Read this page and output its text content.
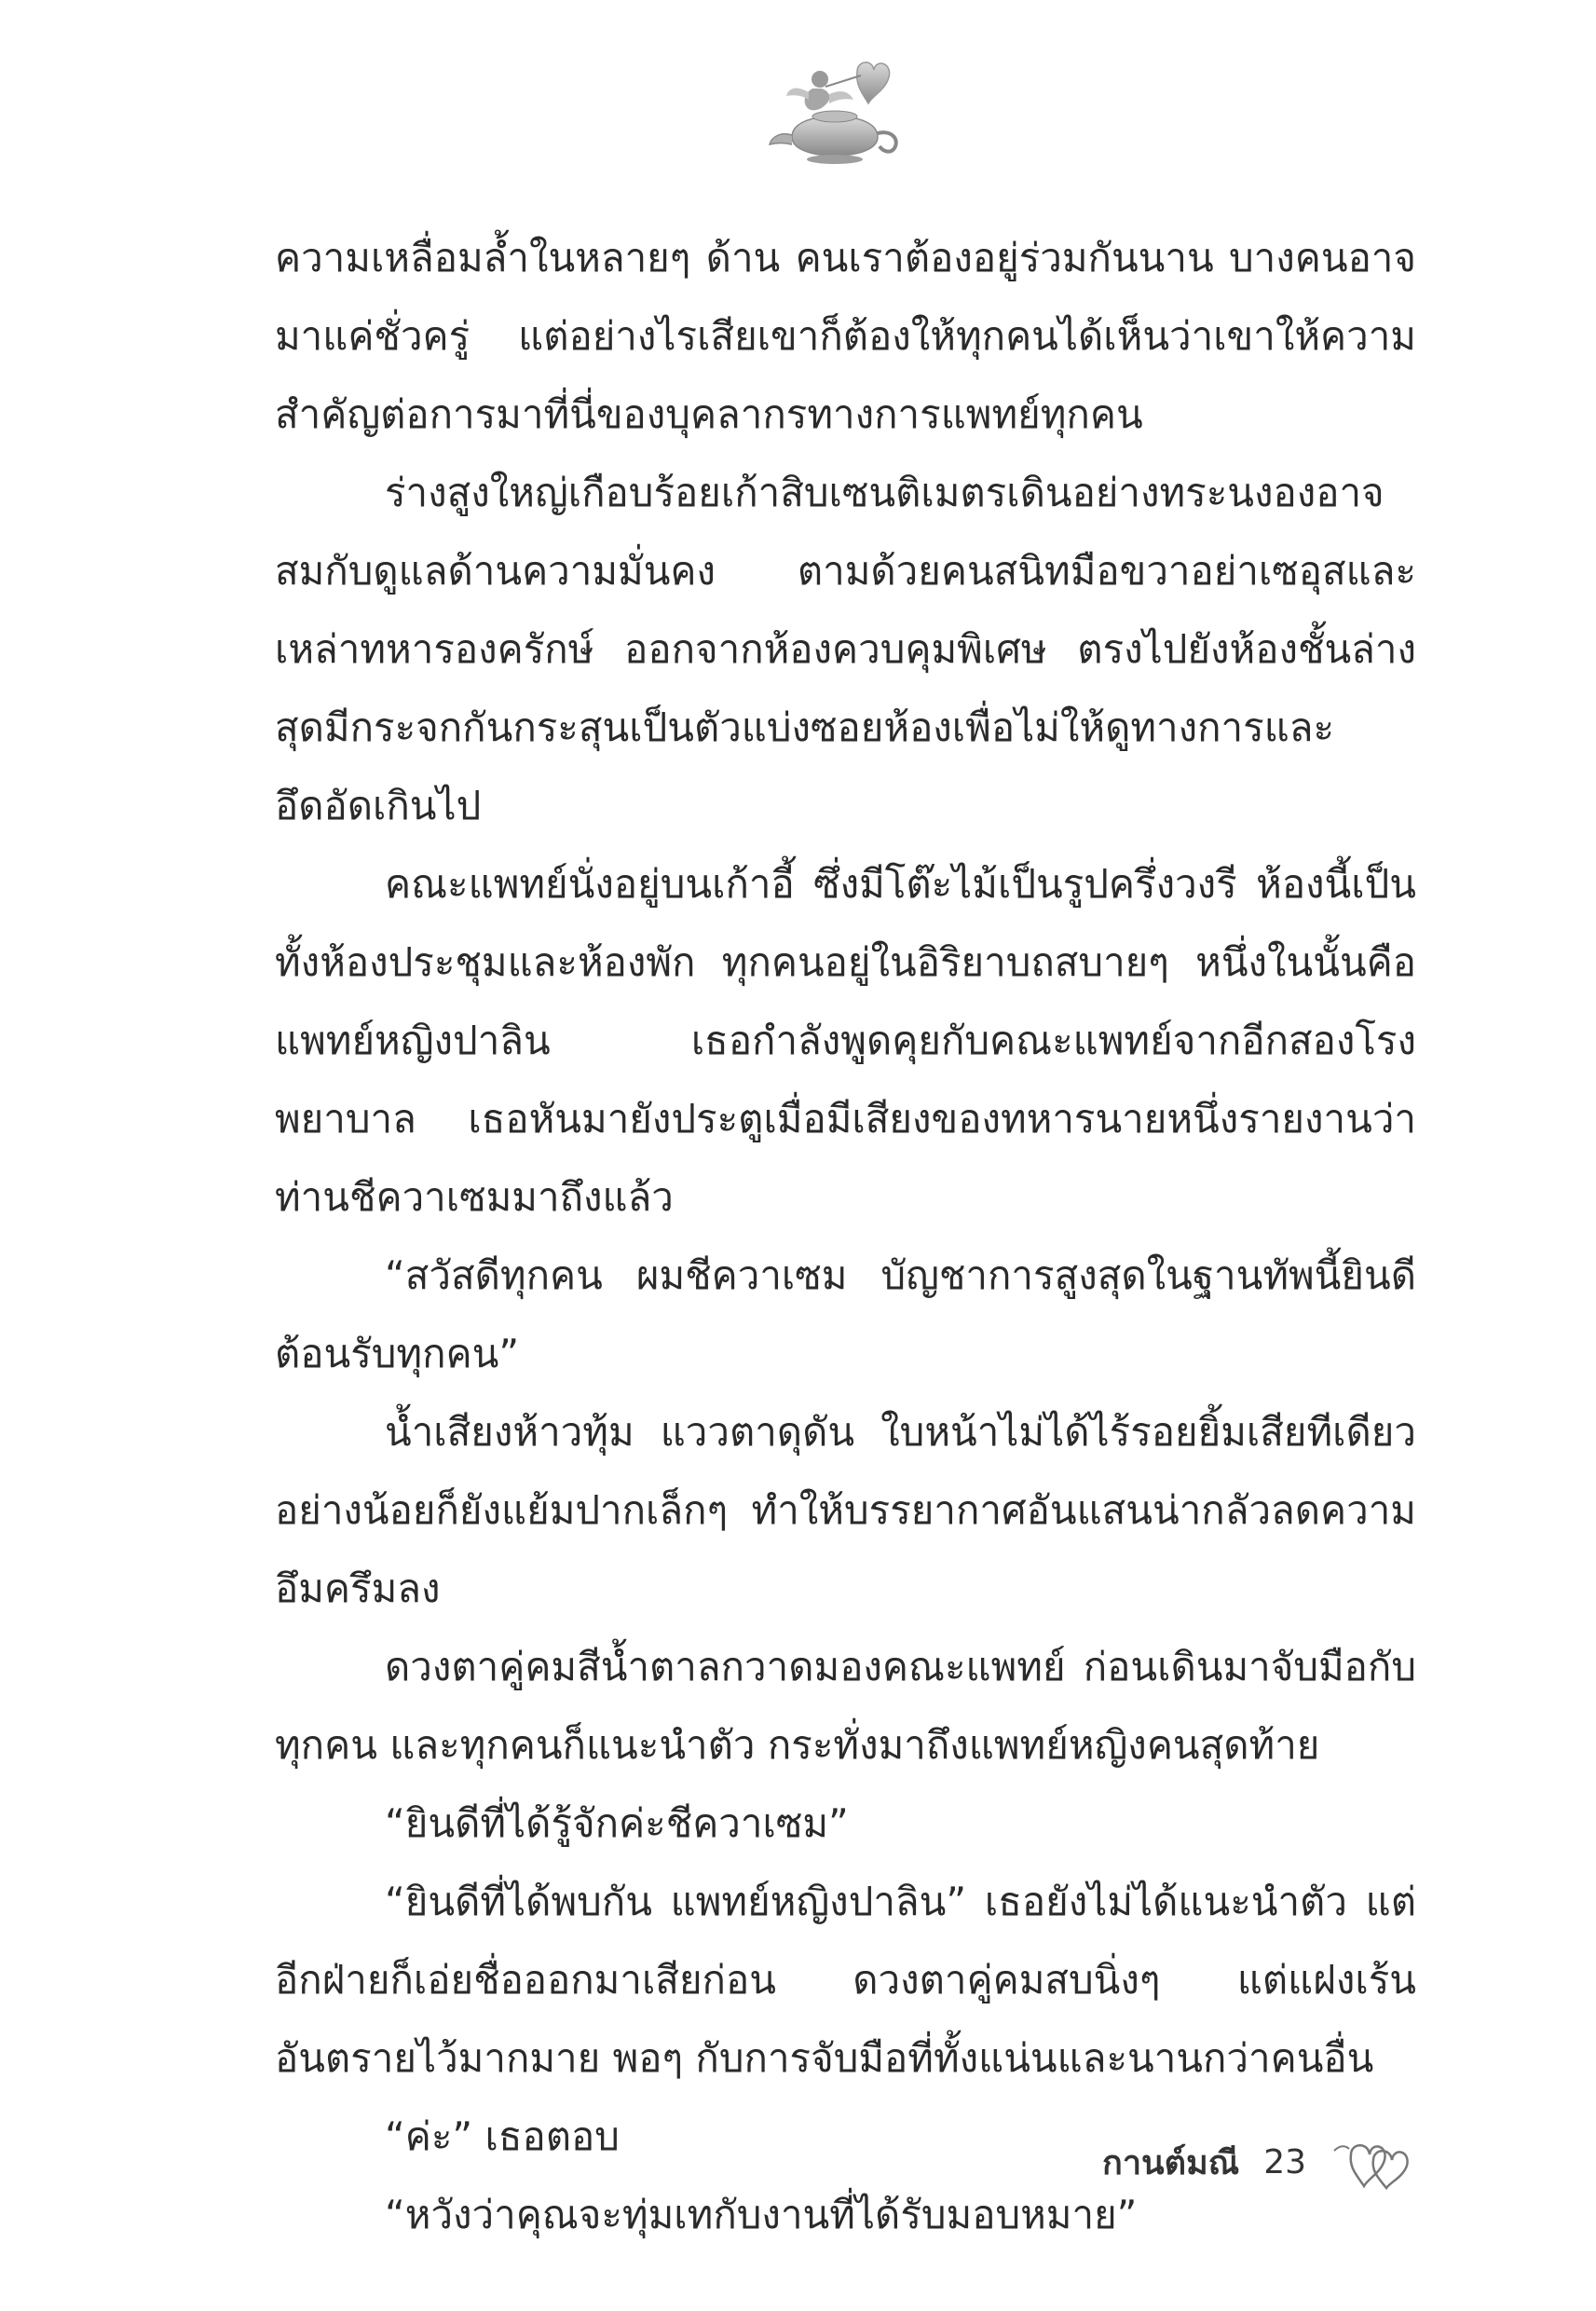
ความเหลื่อมล้ำในหลายๆ ด้าน คนเราต้องอยู่ร่วมกันนาน บางคนอาจมาแค่ชั่วครู่ แต่อย่างไรเสียเขาก็ต้องให้ทุกคนได้เห็นว่าเขาให้ความสำคัญต่อการมาที่นี่ของบุคลากรทางการแพทย์ทุกคน

ร่างสูงใหญ่เกือบร้อยเก้าสิบเซนติเมตรเดินอย่างทระนงองอาจสมกับดูแลด้านความมั่นคง ตามด้วยคนสนิทมือขวาอย่าเซอุสและเหล่าทหารองครักษ์ ออกจากห้องควบคุมพิเศษ ตรงไปยังห้องชั้นล่างสุดมีกระจกกันกระสุนเป็นตัวแบ่งซอยห้องเพื่อไม่ให้ดูทางการและอึดอัดเกินไป

คณะแพทย์นั่งอยู่บนเก้าอี้ ซึ่งมีโต๊ะไม้เป็นรูปครึ่งวงรี ห้องนี้เป็นทั้งห้องประชุมและห้องพัก ทุกคนอยู่ในอิริยาบถสบายๆ หนึ่งในนั้นคือแพทย์หญิงปาลิน เธอกำลังพูดคุยกับคณะแพทย์จากอีกสองโรงพยาบาล เธอหันมายังประตูเมื่อมีเสียงของทหารนายหนึ่งรายงานว่าท่านชีควาเซมมาถึงแล้ว

“สวัสดีทุกคน ผมชีควาเซม บัญชาการสูงสุดในฐานทัพนี้ยินดีต้อนรับทุกคน”

น้ำเสียงห้าวทุ้ม แววตาดุดัน ใบหน้าไม่ได้ไร้รอยยิ้มเสียทีเดียวอย่างน้อยก็ยังแย้มปากเล็กๆ ทำให้บรรยากาศอันแสนน่ากลัวลดความอึมครึมลง

ดวงตาคู่คมสีน้ำตาลกวาดมองคณะแพทย์ ก่อนเดินมาจับมือกับทุกคน และทุกคนก็แนะนำตัว กระทั่งมาถึงแพทย์หญิงคนสุดท้าย

“ยินดีที่ได้รู้จักค่ะชีควาเซม”

“ยินดีที่ได้พบกัน แพทย์หญิงปาลิน” เธอยังไม่ได้แนะนำตัว แต่อีกฝ่ายก็เอ่ยชื่อออกมาเสียก่อน ดวงตาคู่คมสบนิ่งๆ แต่แฝงเร้นอันตรายไว้มากมาย พอๆ กับการจับมือที่ทั้งแน่นและนานกว่าคนอื่น

“ค่ะ” เธอตอบ

“หวังว่าคุณจะทุ่มเทกับงานที่ได้รับมอบหมาย”

กานต์มณี 23
